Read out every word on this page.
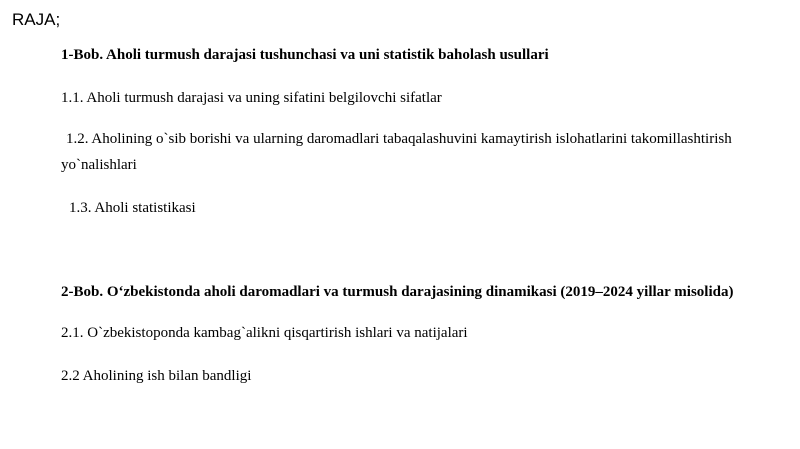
RAJA;
1-Bob. Aholi turmush darajasi tushunchasi va uni statistik baholash usullari
1.1. Aholi turmush darajasi va uning sifatini belgilovchi sifatlar
1.2. Aholining o`sib borishi va ularning daromadlari tabaqalashuvini kamaytirish islohatlarini takomillashtirish
yo`nalishlari
1.3. Aholi statistikasi
2-Bob. O‘zbekistonda aholi daromadlari va turmush darajasining dinamikasi (2019–2024 yillar misolida)
2.1. O`zbekistoponda kambag`alikni qisqartirish ishlari va natijalari
2.2 Aholining ish bilan bandligi
